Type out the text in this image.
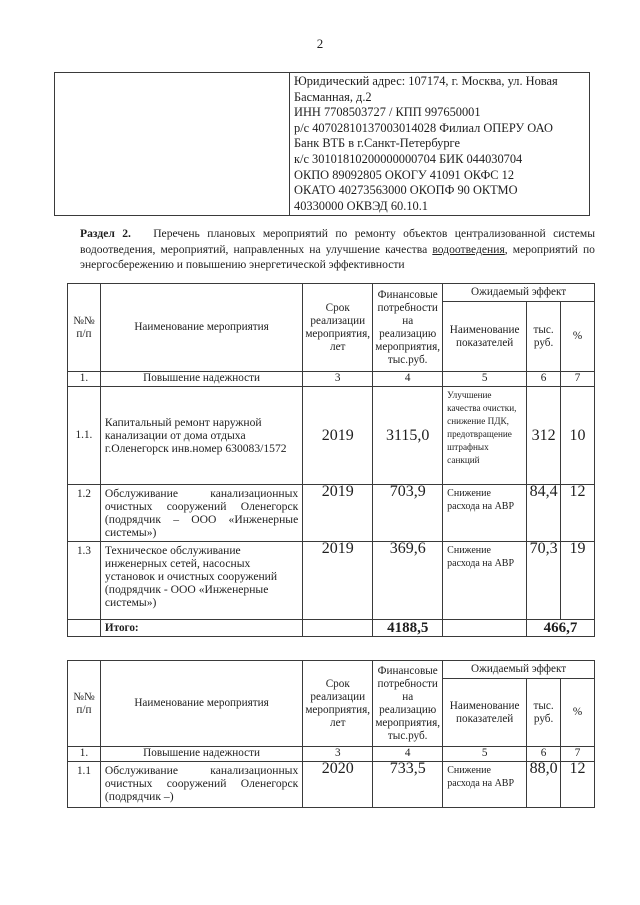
2

Юридический адрес: 107174, г. Москва, ул. Новая
Басманная, д.2
ИНН 7708503727 / КПП 997650001
р/с 40702810137003014028 Филиал ОПЕРУ ОАО
Банк ВТБ в г.Санкт-Петербурге
к/с 30101810200000000704 БИК 044030704
ОКПО 89092805 ОКОГУ 41091 ОКФС 12
ОКАТО 40273563000 ОКОПФ 90 ОКТМО
40330000 ОКВЭД 60.10.1
Раздел 2. Перечень плановых мероприятий по ремонту объектов централизованной системы водоотведения, мероприятий, направленных на улучшение качества водоотведения, мероприятий по энергосбережению и повышению энергетической эффективности
№№ п/п	Наименование мероприятия	Срок реализации мероприятия, лет	Финансовые потребности на реализацию мероприятия, тыс.руб.	Ожидаемый эффект		
				Наименование показателей	тыс. руб.	%
1.	Повышение надежности	3	4	5	6	7
1.1.	Капитальный ремонт наружной канализации от дома отдыха г.Оленегорск инв.номер 630083/1572	2019	3115,0	Улучшение качества очистки, снижение ПДК, предотвращение штрафных санкций	312	10
1.2	Обслуживание канализационных очистных сооружений Оленегорск (подрядчик – ООО «Инженерные системы»)	2019	703,9	Снижение расхода на АВР	84,4	12
1.3	Техническое обслуживание инженерных сетей, насосных установок и очистных сооружений (подрядчик - ООО «Инженерные системы»)	2019	369,6	Снижение расхода на АВР	70,3	19
	Итого:		4188,5		466,7	
№№ п/п	Наименование мероприятия	Срок реализации мероприятия, лет	Финансовые потребности на реализацию мероприятия, тыс.руб.	Ожидаемый эффект		
				Наименование показателей	тыс. руб.	%
1.	Повышение надежности	3	4	5	6	7
1.1	Обслуживание канализационных очистных сооружений Оленегорск (подрядчик –)	2020	733,5	Снижение расхода на АВР	88,0	12
